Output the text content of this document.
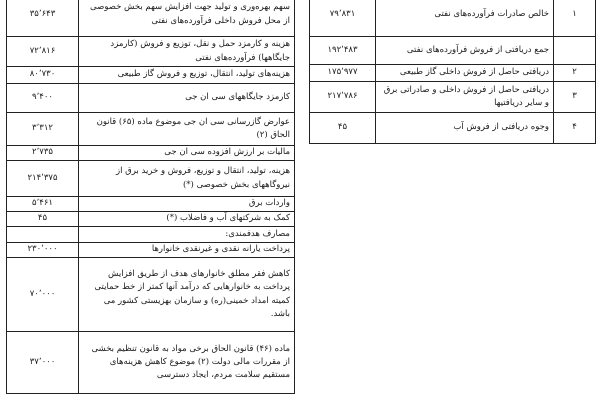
۳۵٬۶۴۳	سهم بهره‌وری و تولید جهت افزایش سهم بخش خصوصی از محل فروش داخلی فرآورده‌های نفتی
۷۲٬۸۱۶	هزینه و کارمزد حمل و نقل، توزیع و فروش (کارمزد جایگاهها) فرآورده‌های نفتی
۸۰٬۷۳۰	هزینه‌های تولید، انتقال، توزیع و فروش گاز طبیعی
۹٬۴۰۰	کارمزد جایگاههای سی ان جی
۳٬۳۱۲	عوارض گازرسانی سی ان جی موضوع ماده (۶۵) قانون الحاق (۲)
۲٬۷۳۵	مالیات بر ارزش افزوده سی ان جی
۲۱۴٬۳۷۵	هزینه، تولید، انتقال و توزیع، فروش و خرید برق از نیروگاههای بخش خصوصی (*)
۵٬۴۶۱	واردات برق
۴۵	کمک به شرکتهای آب و فاضلاب (*)
	مصارف هدفمندی:
۲۳۰٬۰۰۰	پرداخت یارانه نقدی و غیرنقدی خانوارها
۷۰٬۰۰۰	کاهش فقر مطلق خانوارهای هدف از طریق افزایش پرداخت به خانوارهایی که درآمد آنها کمتر از خط حمایتی کمیته امداد خمینی(ره) و سازمان بهزیستی کشور می باشد.
۳۷٬۰۰۰	ماده (۴۶) قانون الحاق برخی مواد به قانون تنظیم بخشی از مقررات مالی دولت (۲) موضوع کاهش هزینه‌های مستقیم سلامت مردم، ایجاد دسترسی
۷۹٬۸۳۱	خالص صادرات فرآورده‌های نفتی	۱
۱۹۲٬۴۸۳	جمع دریافتی از فروش فرآورده‌های نفتی	
۱۷۵٬۹۷۷	دریافتی حاصل از فروش داخلی گاز طبیعی	۲
۲۱۷٬۷۸۶	دریافتی حاصل از فروش داخلی و صادراتی برق و سایر دریافتیها	۳
۴۵	وجوه دریافتی از فروش آب	۴
